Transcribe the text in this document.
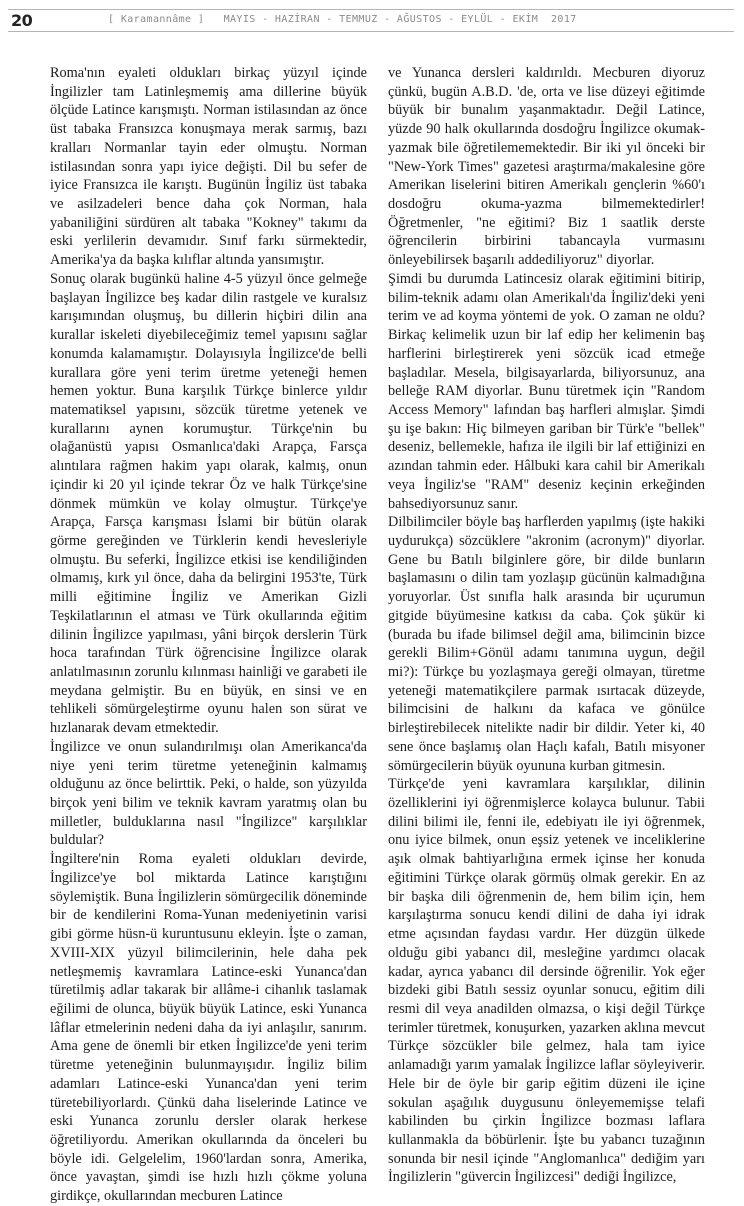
20	[ Karamannâme ]   MAYIS - HAZİRAN - TEMMUZ - AĞUSTOS - EYLÜL - EKİM  2017

Roma'nın eyaleti oldukları birkaç yüzyıl içinde İngilizler tam Latinleşmemiş ama dillerine büyük ölçüde Latince karışmıştı. Norman istilasından az önce üst tabaka Fransızca konuşmaya merak sarmış, bazı kralları Normanlar tayin eder olmuştu. Norman istilasından sonra yapı iyice değişti. Dil bu sefer de iyice Fransızca ile karıştı. Bugünün İngiliz üst tabaka ve asilzadeleri bence daha çok Norman, hala yabaniliğini sürdüren alt tabaka "Kokney" takımı da eski yerlilerin devamıdır. Sınıf farkı sürmektedir, Amerika'ya da başka kılıflar altında yansımıştır.

Sonuç olarak bugünkü haline 4-5 yüzyıl önce gelmeğe başlayan İngilizce beş kadar dilin rastgele ve kuralsız karışımından oluşmuş, bu dillerin hiçbiri dilin ana kurallar iskeleti diyebileceğimiz temel yapısını sağlar konumda kalamamıştır. Dolayısıyla İngilizce'de belli kurallara göre yeni terim üretme yeteneği hemen hemen yoktur. Buna karşılık Türkçe binlerce yıldır matematiksel yapısını, sözcük türetme yetenek ve kurallarını aynen korumuştur. Türkçe'nin bu olağanüstü yapısı Osmanlıca'daki Arapça, Farsça alıntılara rağmen hakim yapı olarak, kalmış, onun içindir ki 20 yıl içinde tekrar Öz ve halk Türkçe'sine dönmek mümkün ve kolay olmuştur. Türkçe'ye Arapça, Farsça karışması İslami bir bütün olarak görme gereğinden ve Türklerin kendi hevesleriyle olmuştu. Bu seferki, İngilizce etkisi ise kendiliğinden olmamış, kırk yıl önce, daha da belirgini 1953'te, Türk milli eğitimine İngiliz ve Amerikan Gizli Teşkilatlarının el atması ve Türk okullarında eğitim dilinin İngilizce yapılması, yâni birçok derslerin Türk hoca tarafından Türk öğrencisine İngilizce olarak anlatılmasının zorunlu kılınması hainliği ve garabeti ile meydana gelmiştir. Bu en büyük, en sinsi ve en tehlikeli sömürgeleştirme oyunu halen son sürat ve hızlanarak devam etmektedir.

İngilizce ve onun sulandırılmışı olan Amerikanca'da niye yeni terim türetme yeteneğinin kalmamış olduğunu az önce belirttik. Peki, o halde, son yüzyılda birçok yeni bilim ve teknik kavram yaratmış olan bu milletler, bulduklarına nasıl "İngilizce" karşılıklar buldular?

İngiltere'nin Roma eyaleti oldukları devirde, İngilizce'ye bol miktarda Latince karıştığını söylemiştik. Buna İngilizlerin sömürgecilik döneminde bir de kendilerini Roma-Yunan medeniyetinin varisi gibi görme hüsn-ü kuruntusunu ekleyin. İşte o zaman, XVIII-XIX yüzyıl bilimcilerinin, hele daha pek netleşmemiş kavramlara Latince-eski Yunanca'dan türetilmiş adlar takarak bir allâme-i cihanlık taslamak eğilimi de olunca, büyük büyük Latince, eski Yunanca lâflar etmelerinin nedeni daha da iyi anlaşılır, sanırım. Ama gene de önemli bir etken İngilizce'de yeni terim türetme yeteneğinin bulunmayışıdır. İngiliz bilim adamları Latince-eski Yunanca'dan yeni terim türetebiliyorlardı. Çünkü daha liselerinde Latince ve eski Yunanca zorunlu dersler olarak herkese öğretiliyordu. Amerikan okullarında da önceleri bu böyle idi. Gelgelelim, 1960'lardan sonra, Amerika, önce yavaştan, şimdi ise hızlı hızlı çökme yoluna girdikçe, okullarından mecburen Latince

ve Yunanca dersleri kaldırıldı. Mecburen diyoruz çünkü, bugün A.B.D. 'de, orta ve lise düzeyi eğitimde büyük bir bunalım yaşanmaktadır. Değil Latince, yüzde 90 halk okullarında dosdoğru İngilizce okumak-yazmak bile öğretilememektedir. Bir iki yıl önceki bir "New-York Times" gazetesi araştırma/makalesine göre Amerikan liselerini bitiren Amerikalı gençlerin %60'ı dosdoğru okuma-yazma bilmemektedirler! Öğretmenler, "ne eğitimi? Biz 1 saatlik derste öğrencilerin birbirini tabancayla vurmasını önleyebilirsek başarılı addediliyoruz" diyorlar.

Şimdi bu durumda Latincesiz olarak eğitimini bitirip, bilim-teknik adamı olan Amerikalı'da İngiliz'deki yeni terim ve ad koyma yöntemi de yok. O zaman ne oldu? Birkaç kelimelik uzun bir laf edip her kelimenin baş harflerini birleştirerek yeni sözcük icad etmeğe başladılar. Mesela, bilgisayarlarda, biliyorsunuz, ana belleğe RAM diyorlar. Bunu türetmek için "Random Access Memory" lafından baş harfleri almışlar. Şimdi şu işe bakın: Hiç bilmeyen gariban bir Türk'e "bellek" deseniz, bellemekle, hafıza ile ilgili bir laf ettiğinizi en azından tahmin eder. Hâlbuki kara cahil bir Amerikalı veya İngiliz'se "RAM" deseniz keçinin erkeğinden bahsediyorsunuz sanır.

Dilbilimciler böyle baş harflerden yapılmış (işte hakiki uydurukça) sözcüklere "akronim (acronym)" diyorlar. Gene bu Batılı bilginlere göre, bir dilde bunların başlamasını o dilin tam yozlaşıp gücünün kalmadığına yoruyorlar. Üst sınıfla halk arasında bir uçurumun gitgide büyümesine katkısı da caba. Çok şükür ki (burada bu ifade bilimsel değil ama, bilimcinin bizce gerekli Bilim+Gönül adamı tanımına uygun, değil mi?): Türkçe bu yozlaşmaya gereği olmayan, türetme yeteneği matematikçilere parmak ısırtacak düzeyde, bilimcisini de halkını da kafaca ve gönülce birleştirebilecek nitelikte nadir bir dildir. Yeter ki, 40 sene önce başlamış olan Haçlı kafalı, Batılı misyoner sömürgecilerin büyük oyununa kurban gitmesin.

Türkçe'de yeni kavramlara karşılıklar, dilinin özelliklerini iyi öğrenmişlerce kolayca bulunur. Tabii dilini bilimi ile, fenni ile, edebiyatı ile iyi öğrenmek, onu iyice bilmek, onun eşsiz yetenek ve inceliklerine aşık olmak bahtiyarlığına ermek içinse her konuda eğitimini Türkçe olarak görmüş olmak gerekir. En az bir başka dili öğrenmenin de, hem bilim için, hem karşılaştırma sonucu kendi dilini de daha iyi idrak etme açısından faydası vardır. Her düzgün ülkede olduğu gibi yabancı dil, mesleğine yardımcı olacak kadar, ayrıca yabancı dil dersinde öğrenilir. Yok eğer bizdeki gibi Batılı sessiz oyunlar sonucu, eğitim dili resmi dil veya anadilden olmazsa, o kişi değil Türkçe terimler türetmek, konuşurken, yazarken aklına mevcut Türkçe sözcükler bile gelmez, hala tam iyice anlamadığı yarım yamalak İngilizce laflar söyleyiverir. Hele bir de öyle bir garip eğitim düzeni ile içine sokulan aşağılık duygusunu önleyememişse telafi kabilinden bu çirkin İngilizce bozması laflara kullanmakla da böbürlenir. İşte bu yabancı tuzağının sonunda bir nesil içinde "Anglomanlıca" dediğim yarı İngilizlerin "güvercin İngilizcesi" dediği İngilizce,
